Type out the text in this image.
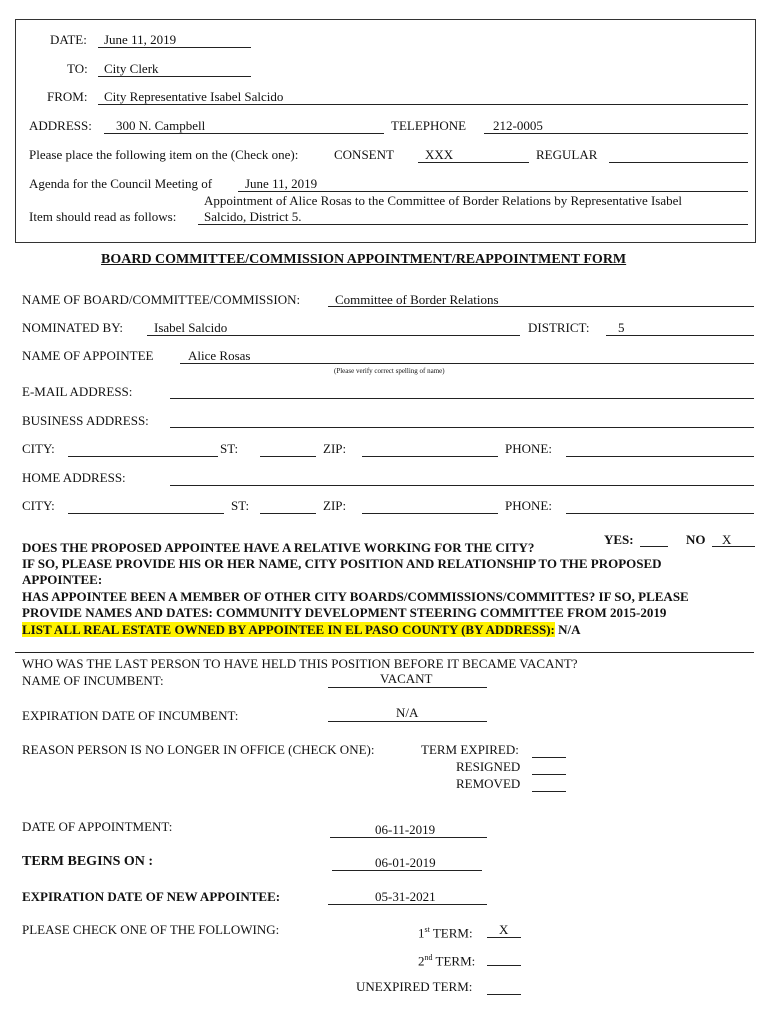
DATE: June 11, 2019
TO: City Clerk
FROM: City Representative Isabel Salcido
ADDRESS: 300 N. Campbell	TELEPHONE 212-0005
Please place the following item on the (Check one):	CONSENT XXX	REGULAR
Agenda for the Council Meeting of	June 11, 2019
Appointment of Alice Rosas to the Committee of Border Relations by Representative Isabel
Item should read as follows: Salcido, District 5.
BOARD COMMITTEE/COMMISSION APPOINTMENT/REAPPOINTMENT FORM
NAME OF BOARD/COMMITTEE/COMMISSION:	Committee of Border Relations
NOMINATED BY: Isabel Salcido	DISTRICT: 5
NAME OF APPOINTEE	Alice Rosas
(Please verify correct spelling of name)
E-MAIL ADDRESS:
BUSINESS ADDRESS:
CITY:	ST:	ZIP:	PHONE:
HOME ADDRESS:
CITY:	ST:	ZIP:	PHONE:
YES:	NO X
DOES THE PROPOSED APPOINTEE HAVE A RELATIVE WORKING FOR THE CITY?
IF SO, PLEASE PROVIDE HIS OR HER NAME, CITY POSITION AND RELATIONSHIP TO THE PROPOSED
APPOINTEE:
HAS APPOINTEE BEEN A MEMBER OF OTHER CITY BOARDS/COMMISSIONS/COMMITTES? IF SO, PLEASE
PROVIDE NAMES AND DATES: COMMUNITY DEVELOPMENT STEERING COMMITTEE FROM 2015-2019
LIST ALL REAL ESTATE OWNED BY APPOINTEE IN EL PASO COUNTY (BY ADDRESS): N/A
WHO WAS THE LAST PERSON TO HAVE HELD THIS POSITION BEFORE IT BECAME VACANT?
NAME OF INCUMBENT:	VACANT
EXPIRATION DATE OF INCUMBENT:	N/A
REASON PERSON IS NO LONGER IN OFFICE (CHECK ONE):	TERM EXPIRED:
RESIGNED
REMOVED
DATE OF APPOINTMENT:	06-11-2019
TERM BEGINS ON :	06-01-2019
EXPIRATION DATE OF NEW APPOINTEE:	05-31-2021
PLEASE CHECK ONE OF THE FOLLOWING:	1st TERM: X
2nd TERM:
UNEXPIRED TERM:
